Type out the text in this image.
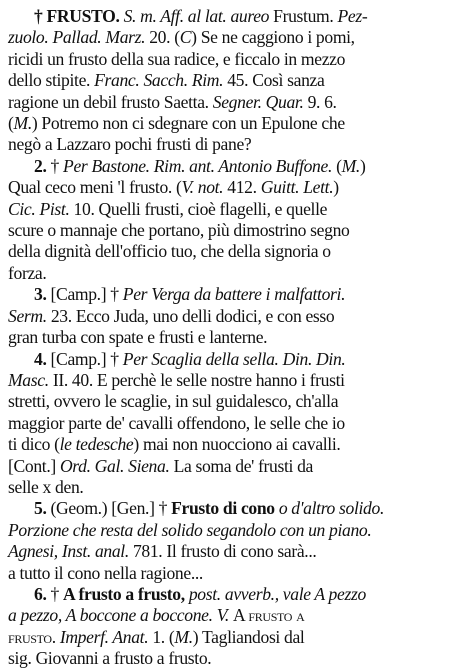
† FRUSTO. S. m. Aff. al lat. aureo Frustum. Pez-
zuolo. Pallad. Marz. 20. (C) Se ne caggiono i pomi,
ricidi un frusto della sua radice, e ficcalo in mezzo
dello stipite. Franc. Sacch. Rim. 45. Così sanza
ragione un debil frusto Saetta. Segner. Quar. 9. 6.
(M.) Potremo non ci sdegnare con un Epulone che
negò a Lazzaro pochi frusti di pane?
2. † Per Bastone. Rim. ant. Antonio Buffone. (M.)
Qual ceco meni 'l frusto. (V. not. 412. Guitt. Lett.)
Cic. Pist. 10. Quelli frusti, cioè flagelli, e quelle
scure o mannaje che portano, più dimostrino segno
della dignità dell'officio tuo, che della signoria o
forza.
3. [Camp.] † Per Verga da battere i malfattori.
Serm. 23. Ecco Juda, uno delli dodici, e con esso
gran turba con spate e frusti e lanterne.
4. [Camp.] † Per Scaglia della sella. Din. Din.
Masc. II. 40. E perchè le selle nostre hanno i frusti
stretti, ovvero le scaglie, in sul guidalesco, ch'alla
maggior parte de' cavalli offendono, le selle che io
ti dico (le tedesche) mai non nuocciono ai cavalli.
[Cont.] Ord. Gal. Siena. La soma de' frusti da
selle x den.
5. (Geom.) [Gen.] † Frusto di cono o d'altro solido.
Porzione che resta del solido segandolo con un piano.
Agnesi, Inst. anal. 781. Il frusto di cono sarà...
a tutto il cono nella ragione...
6. † A frusto a frusto, post. avverb., vale A pezzo
a pezzo, A boccone a boccone. V. A frusto a
frusto. Imperf. Anat. 1. (M.) Tagliandosi dal
sig. Giovanni a frusto a frusto.
